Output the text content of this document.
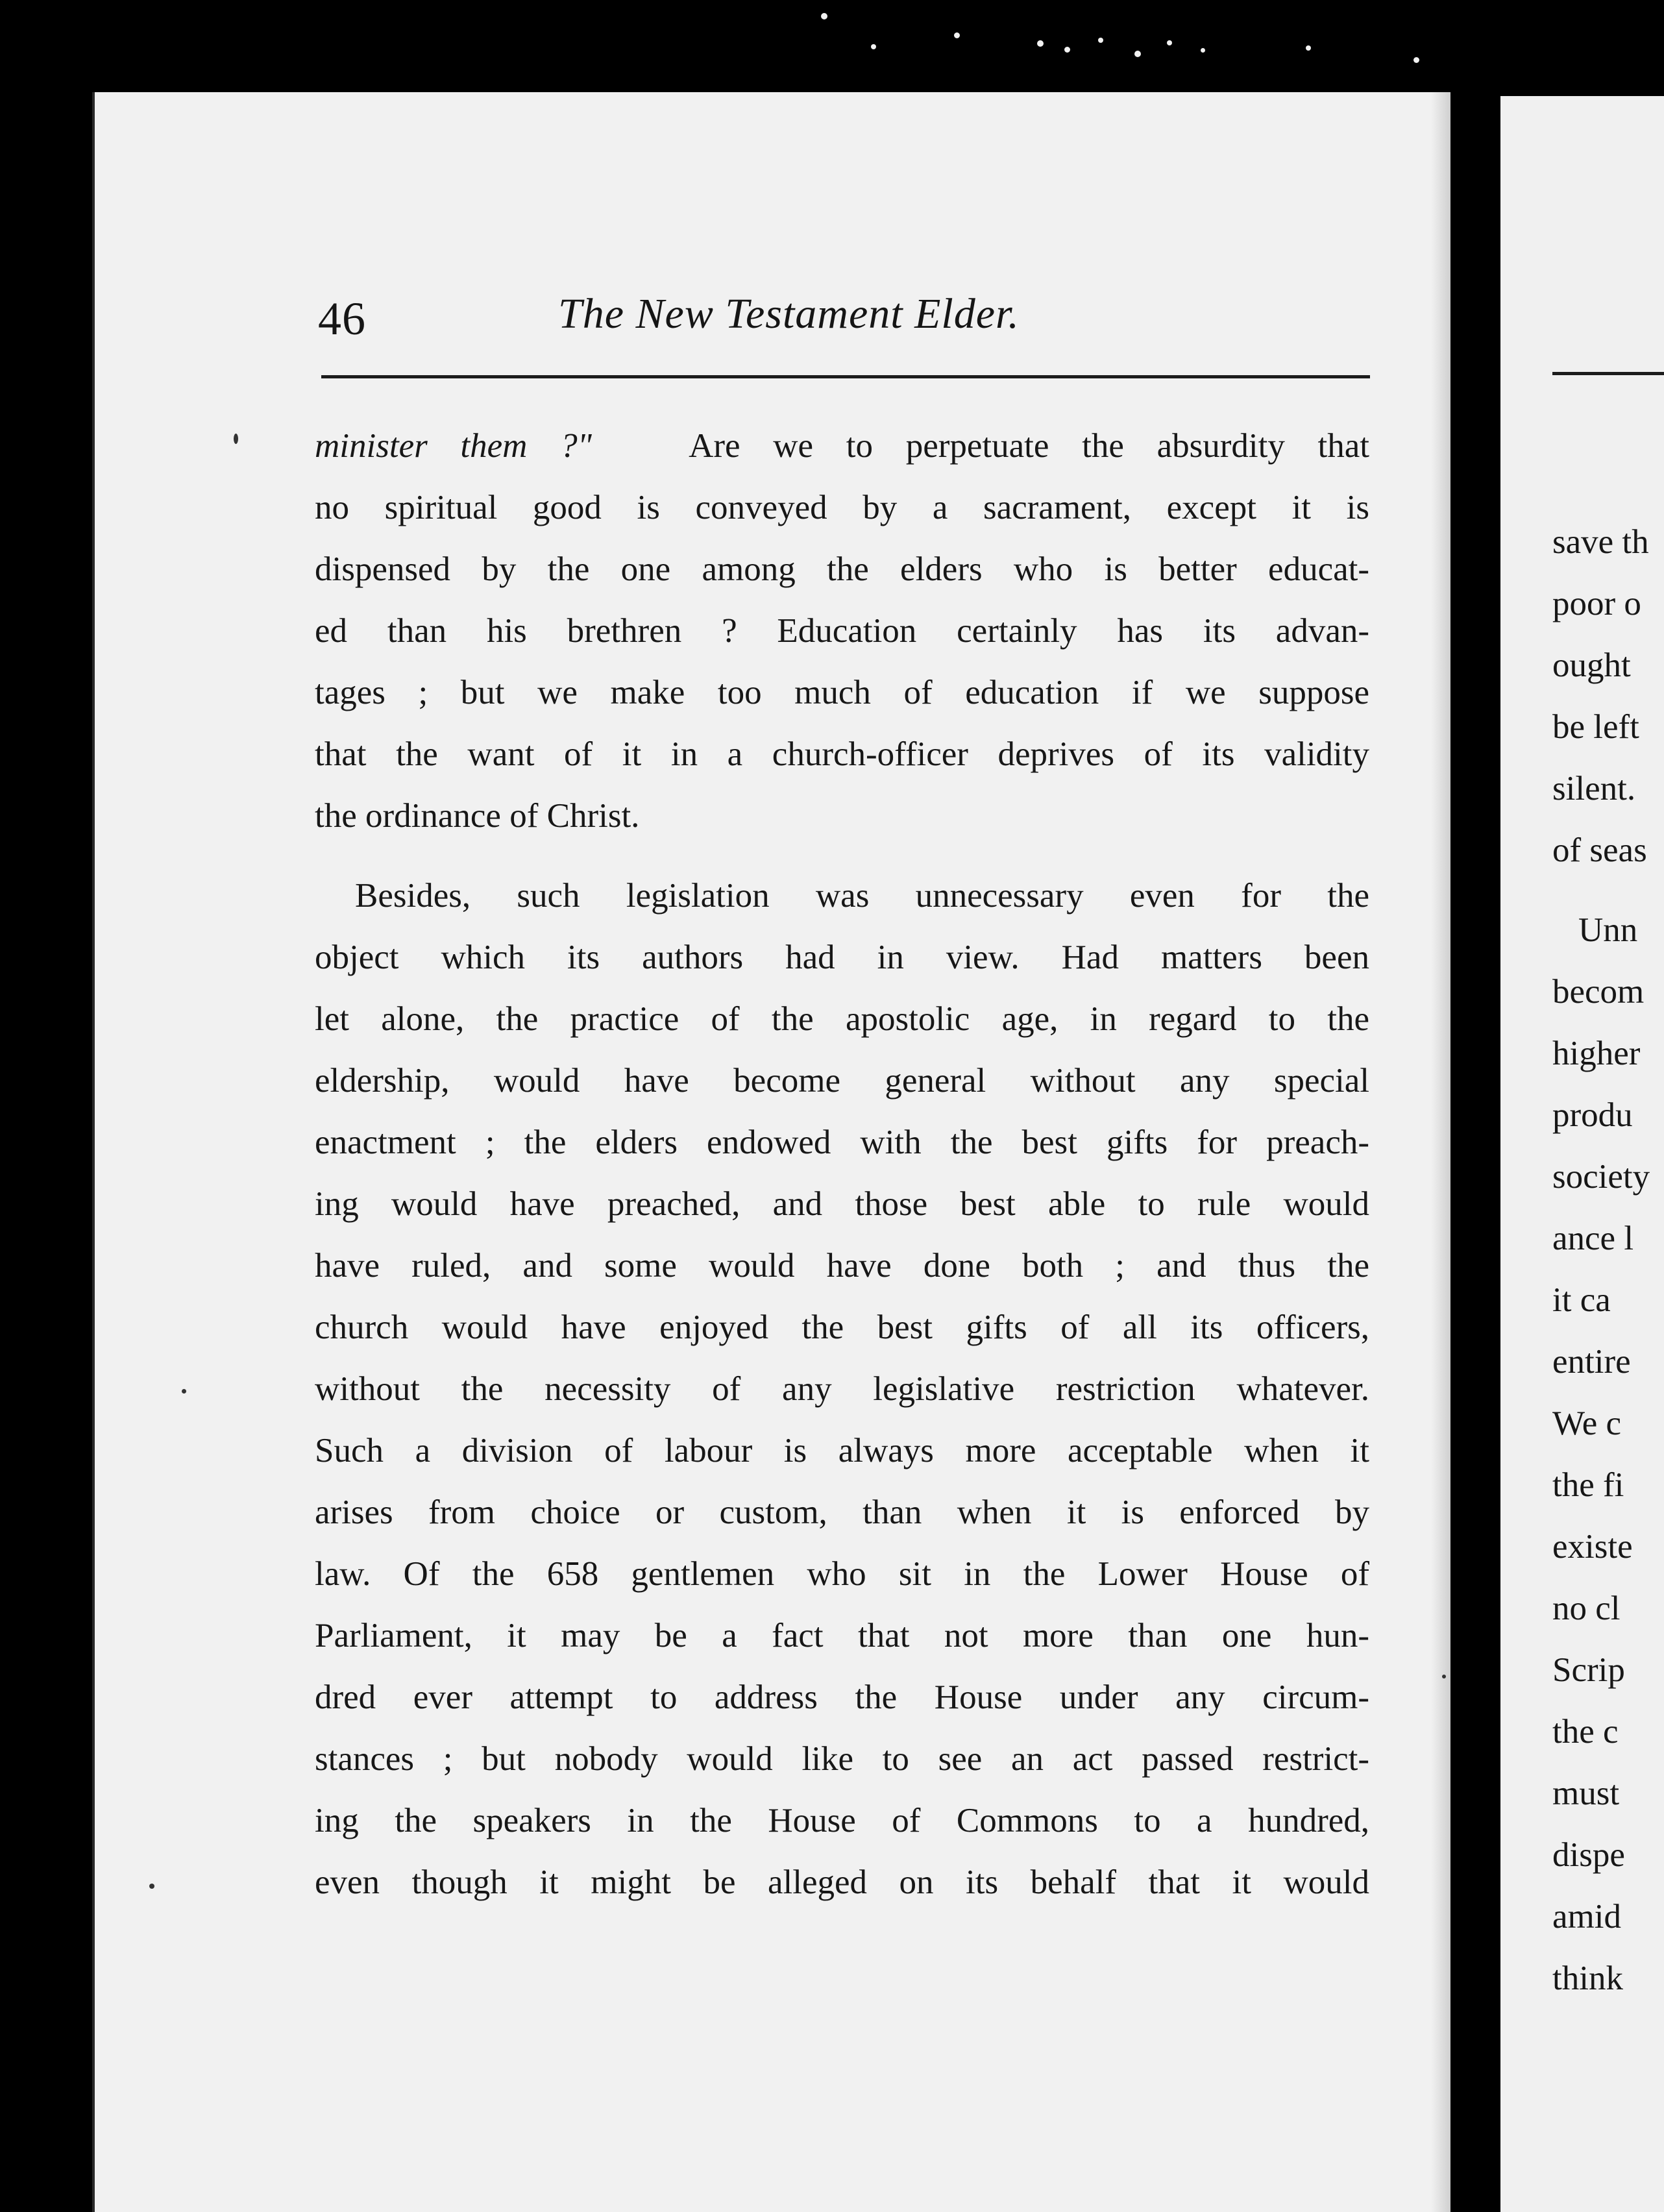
save th
poor o
ought
be left
silent.
of seas
Unn
becom
higher
produ
society
ance l
it ca
entire
We c
the fi
existe
no cl
Scrip
the c
must
dispe
amid
think
46	The New Testament Elder.
minister them ?"	Are we to perpetuate the absurdity that
no spiritual good is conveyed by a sacrament, except it is
dispensed by the one among the elders who is better educat-
ed than his brethren ? Education certainly has its advan-
tages ; but we make too much of education if we suppose
that the want of it in a church-officer deprives of its validity
the ordinance of Christ.
Besides, such legislation was unnecessary even for the
object which its authors had in view. Had matters been
let alone, the practice of the apostolic age, in regard to the
eldership, would have become general without any special
enactment ; the elders endowed with the best gifts for preach-
ing would have preached, and those best able to rule would
have ruled, and some would have done both ; and thus the
church would have enjoyed the best gifts of all its officers,
without the necessity of any legislative restriction whatever.
Such a division of labour is always more acceptable when it
arises from choice or custom, than when it is enforced by
law. Of the 658 gentlemen who sit in the Lower House of
Parliament, it may be a fact that not more than one hun-
dred ever attempt to address the House under any circum-
stances ; but nobody would like to see an act passed restrict-
ing the speakers in the House of Commons to a hundred,
even though it might be alleged on its behalf that it would
